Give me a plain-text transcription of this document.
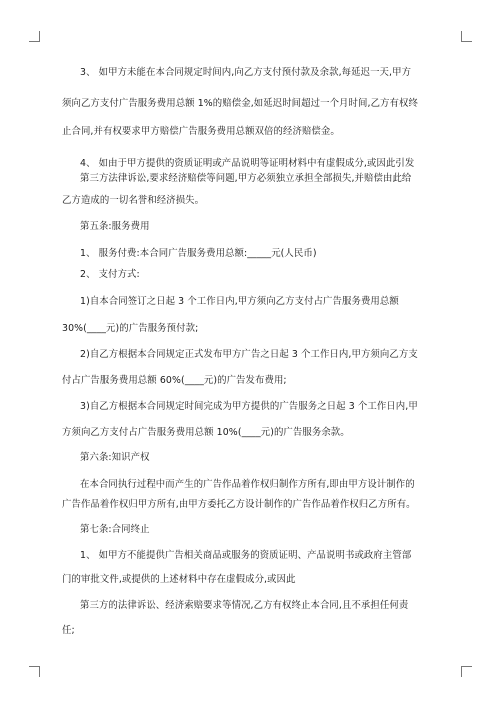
3、 如甲方未能在本合同规定时间内,向乙方支付预付款及余款,每延迟一天,甲方
须向乙方支付广告服务费用总额 1%的赔偿金,如延迟时间超过一个月时间,乙方有权终
止合同,并有权要求甲方赔偿广告服务费用总额双倍的经济赔偿金。
4、 如由于甲方提供的资质证明或产品说明等证明材料中有虚假成分,或因此引发
第三方法律诉讼,要求经济赔偿等问题,甲方必须独立承担全部损失,并赔偿由此给
乙方造成的一切名誉和经济损失。
第五条:服务费用
1、 服务付费:本合同广告服务费用总额:_____元(人民币)
2、 支付方式:
1)自本合同签订之日起 3 个工作日内,甲方须向乙方支付占广告服务费用总额
30%(____元)的广告服务预付款;
2)自乙方根据本合同规定正式发布甲方广告之日起 3 个工作日内,甲方须向乙方支
付占广告服务费用总额 60%(____元)的广告发布费用;
3)自乙方根据本合同规定时间完成为甲方提供的广告服务之日起 3 个工作日内,甲
方须向乙方支付占广告服务费用总额 10%(____元)的广告服务余款。
第六条:知识产权
在本合同执行过程中而产生的广告作品着作权归制作方所有,即由甲方设计制作的
广告作品着作权归甲方所有,由甲方委托乙方设计制作的广告作品着作权归乙方所有。
第七条:合同终止
1、 如甲方不能提供广告相关商品或服务的资质证明、产品说明书或政府主管部
门的审批文件,或提供的上述材料中存在虚假成分,或因此
第三方的法律诉讼、经济索赔要求等情况,乙方有权终止本合同,且不承担任何责
任;
